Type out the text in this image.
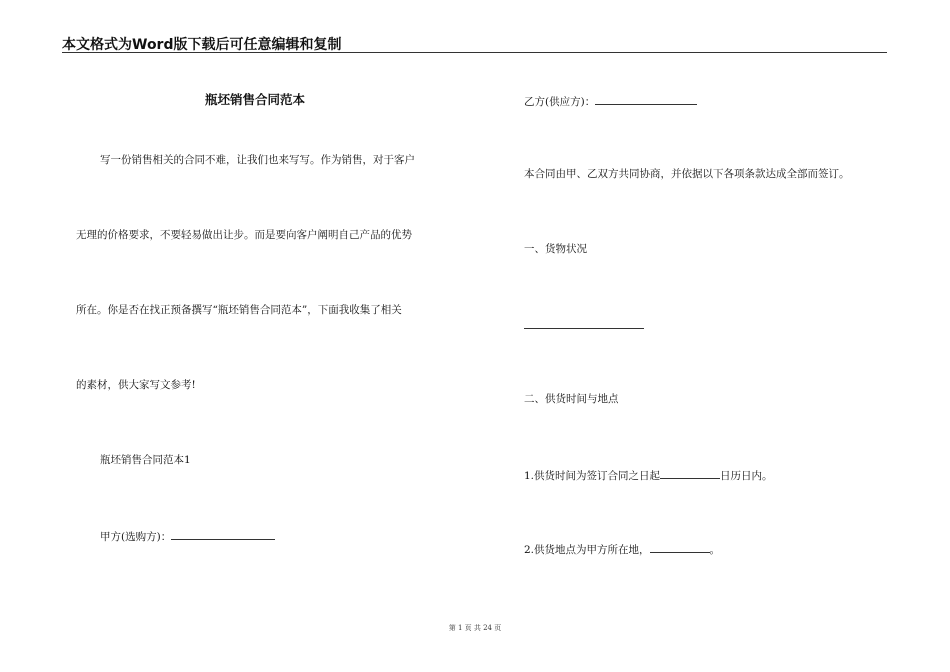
本文格式为Word版下载后可任意编辑和复制
瓶坯销售合同范本
写一份销售相关的合同不难，让我们也来写写。作为销售，对于客户
无理的价格要求，不要轻易做出让步。而是要向客户阐明自己产品的优势
所在。你是否在找正预备撰写“瓶坯销售合同范本”，下面我收集了相关
的素材，供大家写文参考!
瓶坯销售合同范本1
甲方(选购方)：
乙方(供应方)：
本合同由甲、乙双方共同协商，并依据以下各项条款达成全部而签订。
一、货物状况
二、供货时间与地点
1.供货时间为签订合同之日起	日历日内。
2.供货地点为甲方所在地，	。
第 1 页 共 24 页
